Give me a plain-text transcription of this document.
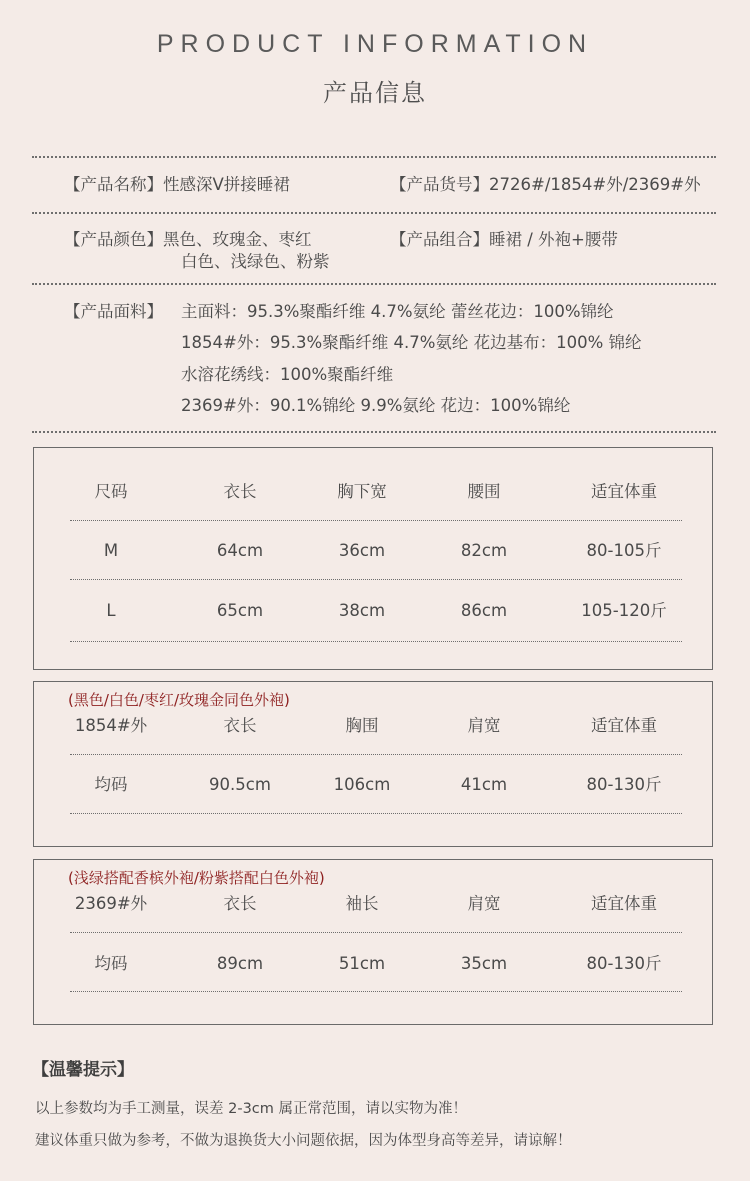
PRODUCT INFORMATION
产品信息
【产品名称】性感深V拼接睡裙	【产品货号】2726#/1854#外/2369#外
【产品颜色】黑色、玫瑰金、枣红
白色、浅绿色、粉紫
【产品组合】睡裙 / 外袍+腰带
【产品面料】 主面料：95.3%聚酯纤维 4.7%氨纶 蕾丝花边：100%锦纶
1854#外：95.3%聚酯纤维 4.7%氨纶 花边基布：100% 锦纶
水溶花绣线：100%聚酯纤维
2369#外：90.1%锦纶 9.9%氨纶 花边：100%锦纶
尺码	衣长	胸下宽	腰围	适宜体重
M	64cm	36cm	82cm	80-105斤
L	65cm	38cm	86cm	105-120斤
(黑色/白色/枣红/玫瑰金同色外袍)
1854#外	衣长	胸围	肩宽	适宜体重
均码	90.5cm	106cm	41cm	80-130斤
(浅绿搭配香槟外袍/粉紫搭配白色外袍)
2369#外	衣长	袖长	肩宽	适宜体重
均码	89cm	51cm	35cm	80-130斤
【温馨提示】
以上参数均为手工测量，误差 2-3cm 属正常范围，请以实物为准！
建议体重只做为参考，不做为退换货大小问题依据，因为体型身高等差异，请谅解！
